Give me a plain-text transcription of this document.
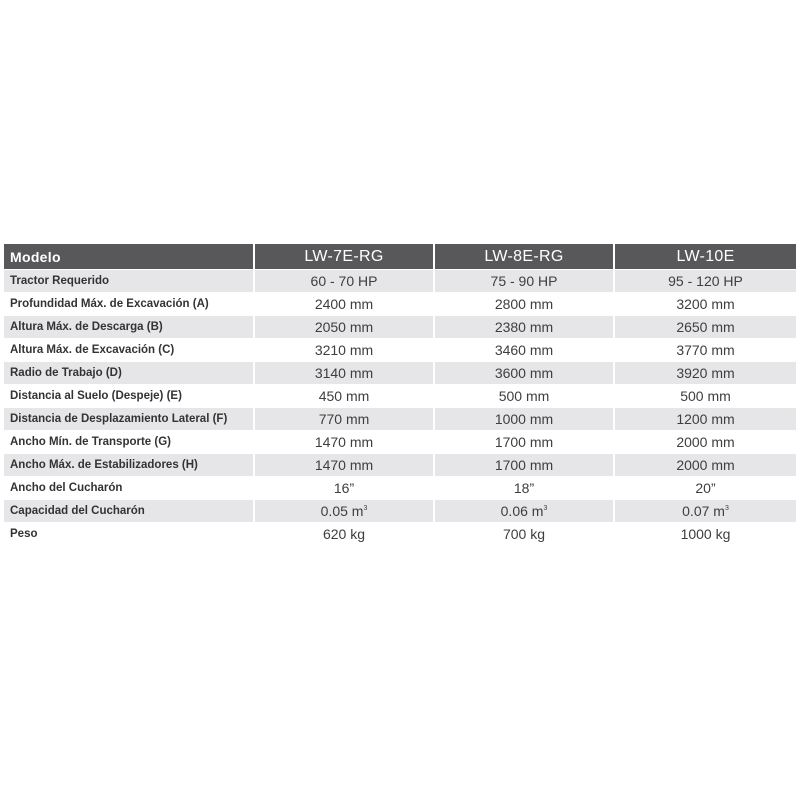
Modelo	LW-7E-RG	LW-8E-RG	LW-10E
Tractor Requerido	60 - 70 HP	75 - 90 HP	95 - 120 HP
Profundidad Máx. de Excavación (A)	2400 mm	2800 mm	3200 mm
Altura Máx. de Descarga (B)	2050 mm	2380 mm	2650 mm
Altura Máx. de Excavación (C)	3210 mm	3460 mm	3770 mm
Radio de Trabajo (D)	3140 mm	3600 mm	3920 mm
Distancia al Suelo (Despeje) (E)	450 mm	500 mm	500 mm
Distancia de Desplazamiento Lateral (F)	770 mm	1000 mm	1200 mm
Ancho Mín. de Transporte (G)	1470 mm	1700 mm	2000 mm
Ancho Máx. de Estabilizadores (H)	1470 mm	1700 mm	2000 mm
Ancho del Cucharón	16”	18”	20”
Capacidad del Cucharón	0.05 $m^3$	0.06 $m^3$	0.07 $m^3$
Peso	620 kg	700 kg	1000 kg
